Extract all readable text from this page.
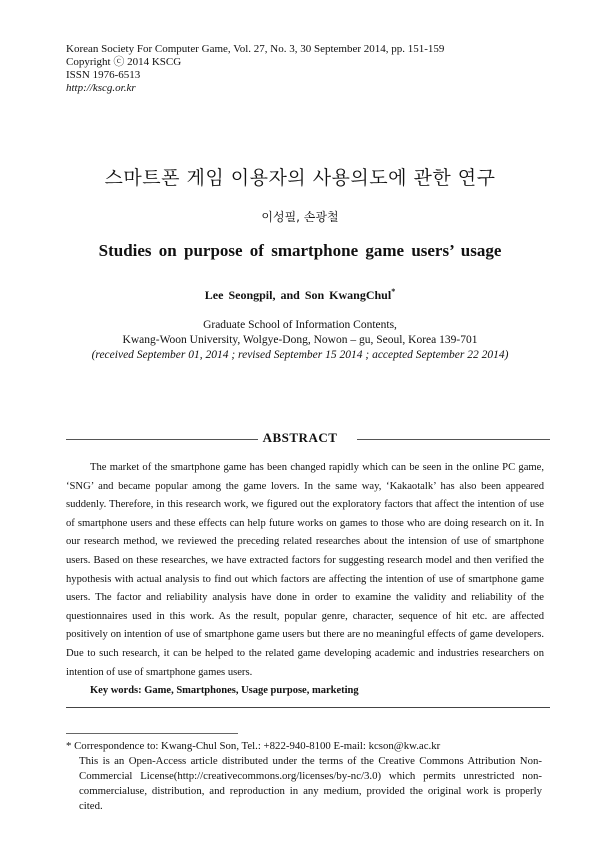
Korean Society For Computer Game, Vol. 27, No. 3, 30 September 2014, pp. 151-159
Copyright ⓒ 2014 KSCG
ISSN 1976-6513
http://kscg.or.kr
스마트폰 게임 이용자의 사용의도에 관한 연구
이성필, 손광철
Studies on purpose of smartphone game users’ usage
Lee Seongpil, and Son KwangChul*
Graduate School of Information Contents,
Kwang-Woon University, Wolgye-Dong, Nowon – gu, Seoul, Korea 139-701
(received September 01, 2014 ; revised September 15 2014 ; accepted September 22 2014)
ABSTRACT
The market of the smartphone game has been changed rapidly which can be seen in the online PC game, ‘SNG’ and became popular among the game lovers. In the same way, ‘Kakaotalk’ has also been appeared suddenly. Therefore, in this research work, we figured out the exploratory factors that affect the intention of use of smartphone users and these effects can help future works on games to those who are doing research on it. In our research method, we reviewed the preceding related researches about the intension of use of smartphone users. Based on these researches, we have extracted factors for suggesting research model and then verified the hypothesis with actual analysis to find out which factors are affecting the intention of use of smartphone game users. The factor and reliability analysis have done in order to examine the validity and reliability of the questionnaires used in this work. As the result, popular genre, character, sequence of hit etc. are affected positively on intention of use of smartphone game users but there are no meaningful effects of game developers. Due to such research, it can be helped to the related game developing academic and industries researchers on intention of use of smartphone games users.
Key words: Game, Smartphones, Usage purpose, marketing
* Correspondence to: Kwang-Chul Son, Tel.: +822-940-8100 E-mail: kcson@kw.ac.kr
This is an Open-Access article distributed under the terms of the Creative Commons Attribution Non-Commercial License(http://creativecommons.org/licenses/by-nc/3.0) which permits unrestricted non-commercialuse, distribution, and reproduction in any medium, provided the original work is properly cited.
